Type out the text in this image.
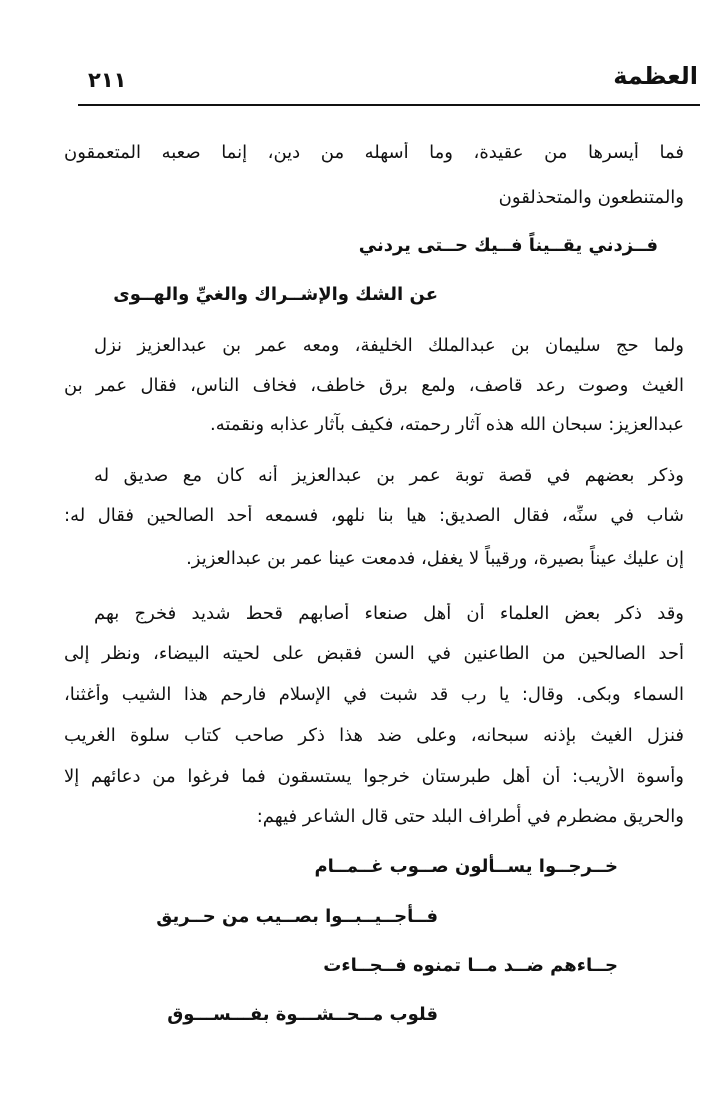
العظمة
٢١١
فما أيسرها من عقيدة، وما أسهله من دين، إنما صعبه المتعمقون
والمتنطعون والمتحذلقون
فــزدني يقــيناً فــيك حــتى يردني
عن الشك والإشــراك والغيِّ والهــوى
ولما حج سليمان بن عبدالملك الخليفة، ومعه عمر بن عبدالعزيز نزل
الغيث وصوت رعد قاصف، ولمع برق خاطف، فخاف الناس، فقال عمر بن
عبدالعزيز: سبحان الله هذه آثار رحمته، فكيف بآثار عذابه ونقمته.
وذكر بعضهم في قصة توبة عمر بن عبدالعزيز أنه كان مع صديق له
شاب في سنِّه، فقال الصديق: هيا بنا نلهو، فسمعه أحد الصالحين فقال له:
إن عليك عيناً بصيرة، ورقيباً لا يغفل، فدمعت عينا عمر بن عبدالعزيز.
وقد ذكر بعض العلماء أن أهل صنعاء أصابهم قحط شديد فخرج بهم
أحد الصالحين من الطاعنين في السن فقبض على لحيته البيضاء، ونظر إلى
السماء وبكى. وقال: يا رب قد شبت في الإسلام فارحم هذا الشيب وأغثنا،
فنزل الغيث بإذنه سبحانه، وعلى ضد هذا ذكر صاحب كتاب سلوة الغريب
وأسوة الأريب: أن أهل طبرستان خرجوا يستسقون فما فرغوا من دعائهم إلا
والحريق مضطرم في أطراف البلد حتى قال الشاعر فيهم:
خــرجــوا يســألون صــوب غــمــام
فــأجــيــبــوا بصــيب من حــريق
جــاءهم ضــد مــا تمنوه فــجــاءت
قلوب مــحــشـــوة بفـــســـوق
